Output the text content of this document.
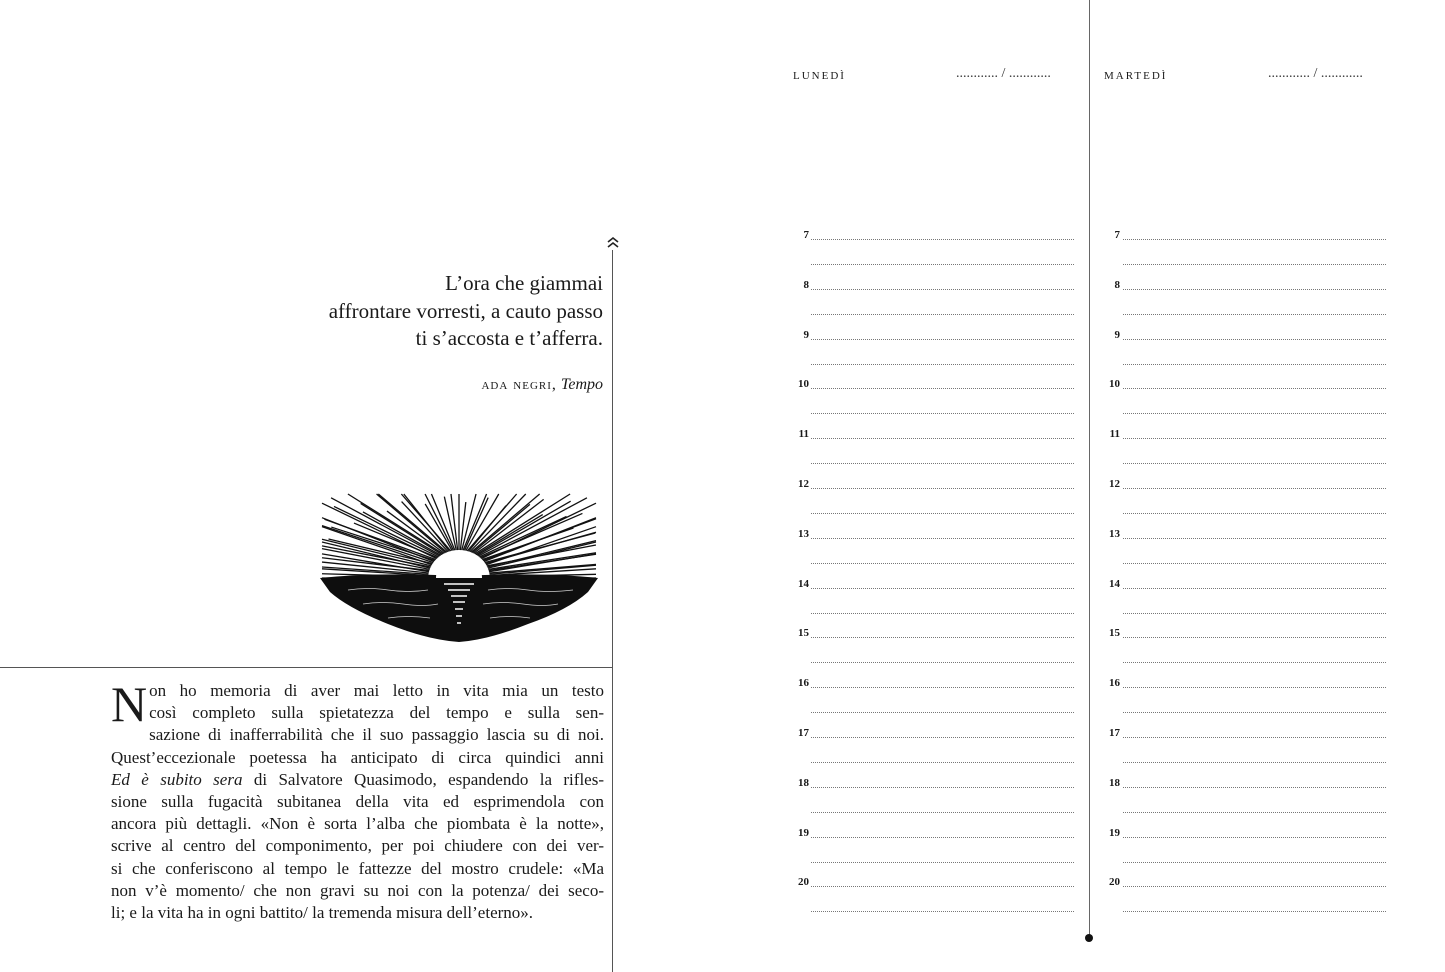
L’ora che giammai
affrontare vorresti, a cauto passo
ti s’accosta e t’afferra.
ada negri, Tempo
N on ho memoria di aver mai letto in vita mia un testo
così completo sulla spietatezza del tempo e sulla sen-
sazione di inafferrabilità che il suo passaggio lascia su di noi.
Quest’eccezionale poetessa ha anticipato di circa quindici anni
Ed è subito sera di Salvatore Quasimodo, espandendo la rifles-
sione sulla fugacità subitanea della vita ed esprimendola con
ancora più dettagli. «Non è sorta l’alba che piombata è la notte»,
scrive al centro del componimento, per poi chiudere con dei ver-
si che conferiscono al tempo le fattezze del mostro crudele: «Ma
non v’è momento/ che non gravi su noi con la potenza/ dei seco-
li; e la vita ha in ogni battito/ la tremenda misura dell’eterno».
lunedì	............ / ............	martedì	............ / ............
7	7
8	8
9	9
10	10
11	11
12	12
13	13
14	14
15	15
16	16
17	17
18	18
19	19
20	20
